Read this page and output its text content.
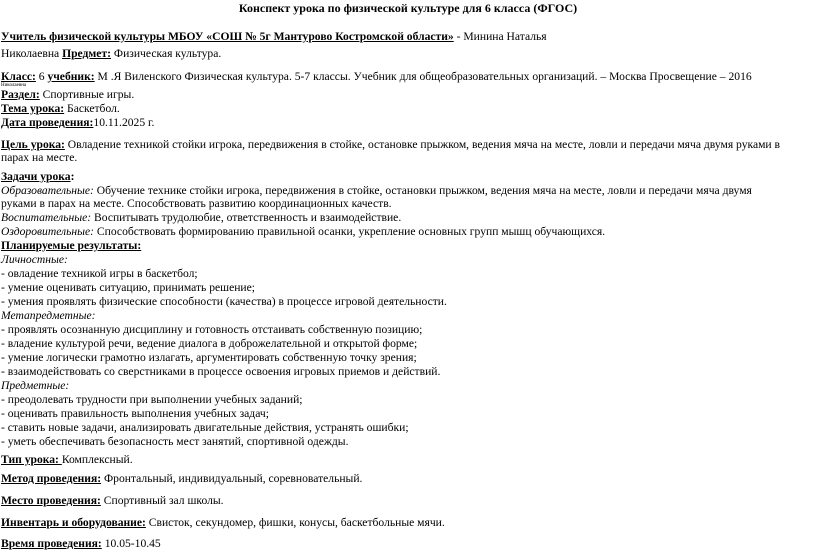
Конспект урока по физической культуре для 6 класса (ФГОС)
Учитель физической культуры МБОУ «СОШ № 5г Мантурово Костромской области» - Минина Наталья
Николаевна Предмет: Физическая культура.
Класс: 6 учебник: М .Я Виленского Физическая культура. 5-7 классы. Учебник для общеобразовательных организаций. – Москва Просвещение – 2016
Николаевна
Раздел: Спортивные игры.
Тема урока: Баскетбол.
Дата проведения:10.11.2025 г.
Цель урока: Овладение техникой стойки игрока, передвижения в стойке, остановке прыжком, ведения мяча на месте, ловли и передачи мяча двумя руками в
парах на месте.
Задачи урока:
Образовательные: Обучение технике стойки игрока, передвижения в стойке, остановки прыжком, ведения мяча на месте, ловли и передачи мяча двумя
руками в парах на месте. Способствовать развитию координационных качеств.
Воспитательные: Воспитывать трудолюбие, ответственность и взаимодействие.
Оздоровительные: Способствовать формированию правильной осанки, укрепление основных групп мышц обучающихся.
Планируемые результаты:
Личностные:
- овладение техникой игры в баскетбол;
- умение оценивать ситуацию, принимать решение;
- умения проявлять физические способности (качества) в процессе игровой деятельности.
Метапредметные:
- проявлять осознанную дисциплину и готовность отстаивать собственную позицию;
- владение культурой речи, ведение диалога в доброжелательной и открытой форме;
- умение логически грамотно излагать, аргументировать собственную точку зрения;
- взаимодействовать со сверстниками в процессе освоения игровых приемов и действий.
Предметные:
- преодолевать трудности при выполнении учебных заданий;
- оценивать правильность выполнения учебных задач;
- ставить новые задачи, анализировать двигательные действия, устранять ошибки;
- уметь обеспечивать безопасность мест занятий, спортивной одежды.
Тип урока: Комплексный.
Метод проведения: Фронтальный, индивидуальный, соревновательный.
Место проведения: Спортивный зал школы.
Инвентарь и оборудование: Свисток, секундомер, фишки, конусы, баскетбольные мячи.
Время проведения: 10.05-10.45
